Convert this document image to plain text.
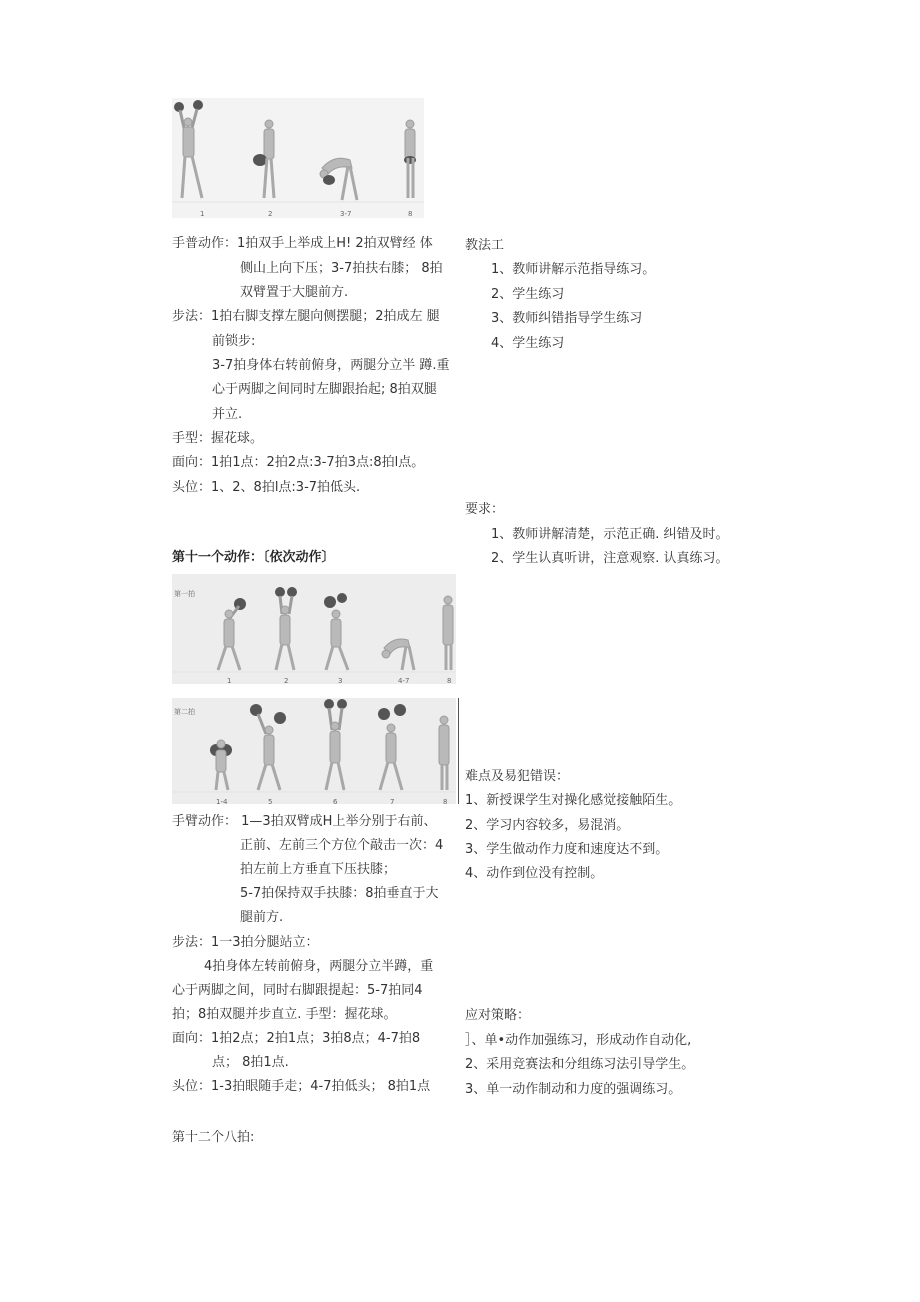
1	2	3-7	8
手普动作：1拍双手上举成上H! 2拍双臂经 体
侧山上向下压；3-7拍扶右膝； 8拍
双臂置于大腿前方.
步法：1拍右脚支撑左腿向侧摆腿；2拍成左 腿
前锁步:
3-7拍身体右转前俯身，两腿分立半 蹲.重
心于两脚之间同时左脚跟抬起; 8拍双腿
并立.
手型：握花球。
面向：1拍1点：2拍2点:3-7拍3点:8拍l点。
头位：1、2、8拍l点:3-7拍低头.
教法工
1、教师讲解示范指导练习。
2、学生练习
3、教师纠错指导学生练习
4、学生练习
要求：
1、教师讲解清楚，示范正确. 纠错及时。
2、学生认真听讲，注意观察. 认真练习。
第十一个动作：〔依次动作〕
第一拍
1	2	3	4-7	8
第二拍
1-4	5	6	7	8
手臂动作： 1—3拍双臂成H上举分别于右前、
正前、左前三个方位个敲击一次：4
拍左前上方垂直下压扶膝；
5-7拍保持双手扶膝：8拍垂直于大
腿前方.
步法：1一3拍分腿站立：
4拍身体左转前俯身，两腿分立半蹲，重
心于两脚之间，同时右脚跟提起：5-7拍同4
拍；8拍双腿并步直立. 手型：握花球。
面向：1拍2点；2拍1点；3拍8点；4-7拍8
点； 8拍1点.
头位：1-3拍眼随手走；4-7拍低头； 8拍1点
难点及易犯错误：
1、新授课学生对操化感觉接触陌生。
2、学习内容较多，易混消。
3、学生做动作力度和速度达不到。
4、动作到位没有控制。
应对策略：
］、单•动作加强练习，形成动作自动化,
2、采用竞赛法和分组练习法引导学生。
3、单一动作制动和力度的强调练习。
第十二个八拍:
